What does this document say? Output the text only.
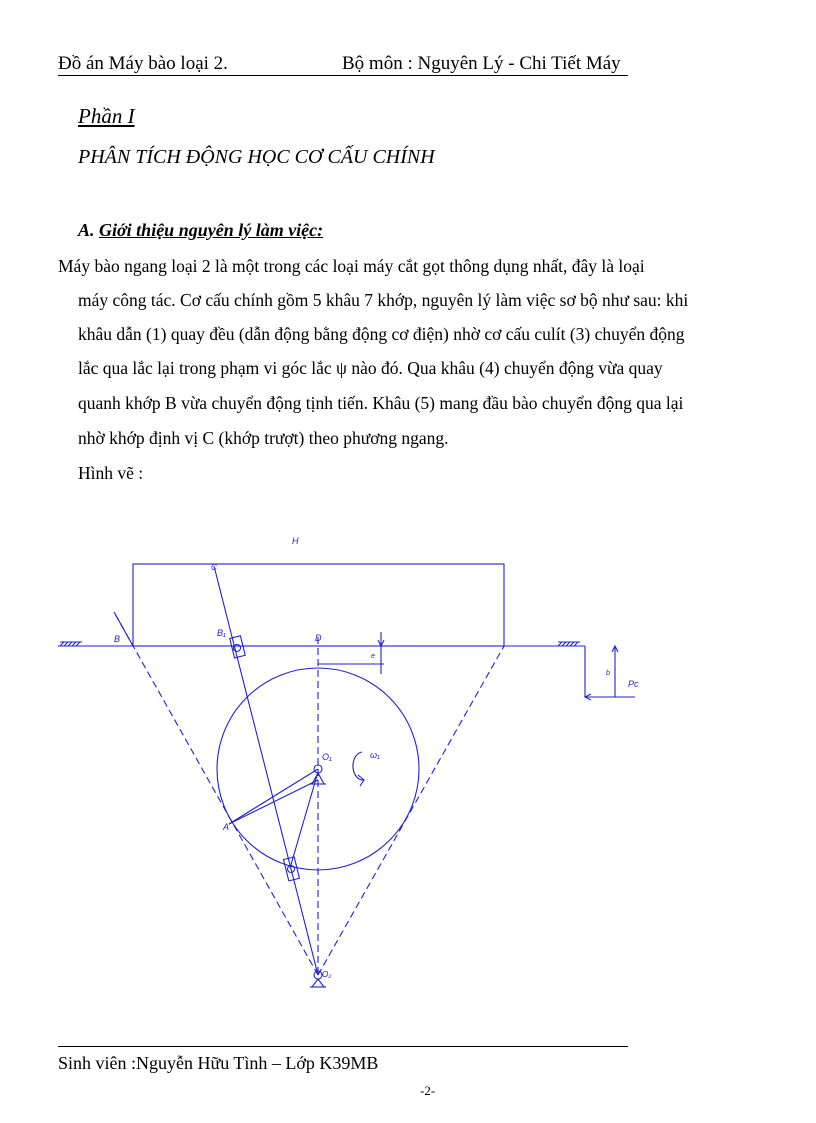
Đồ án Máy bào loại 2.	Bộ môn : Nguyên Lý - Chi Tiết Máy
Phần I
PHÂN TÍCH ĐỘNG HỌC CƠ CẤU CHÍNH
A. Giới thiệu nguyên lý làm việc:
Máy bào ngang loại 2 là một trong các loại máy cắt gọt thông dụng nhất, đây là loại
máy công tác. Cơ cấu chính gồm 5 khâu 7 khớp, nguyên lý làm việc sơ bộ như sau: khi
khâu dẫn (1) quay đều (dẫn động bằng động cơ điện) nhờ cơ cấu culít (3) chuyển động
lắc qua lắc lại trong phạm vi góc lắc ψ nào đó. Qua khâu (4) chuyển động vừa quay
quanh khớp B vừa chuyển động tịnh tiến. Khâu (5) mang đầu bào chuyển động qua lại
nhờ khớp định vị C (khớp trượt) theo phương ngang.
Hình vẽ :
H
C
B₁	D
B
e
b
Pc
O₁	ω₁
A
O₂
Sinh viên :Nguyễn Hữu Tình – Lớp K39MB
-2-
